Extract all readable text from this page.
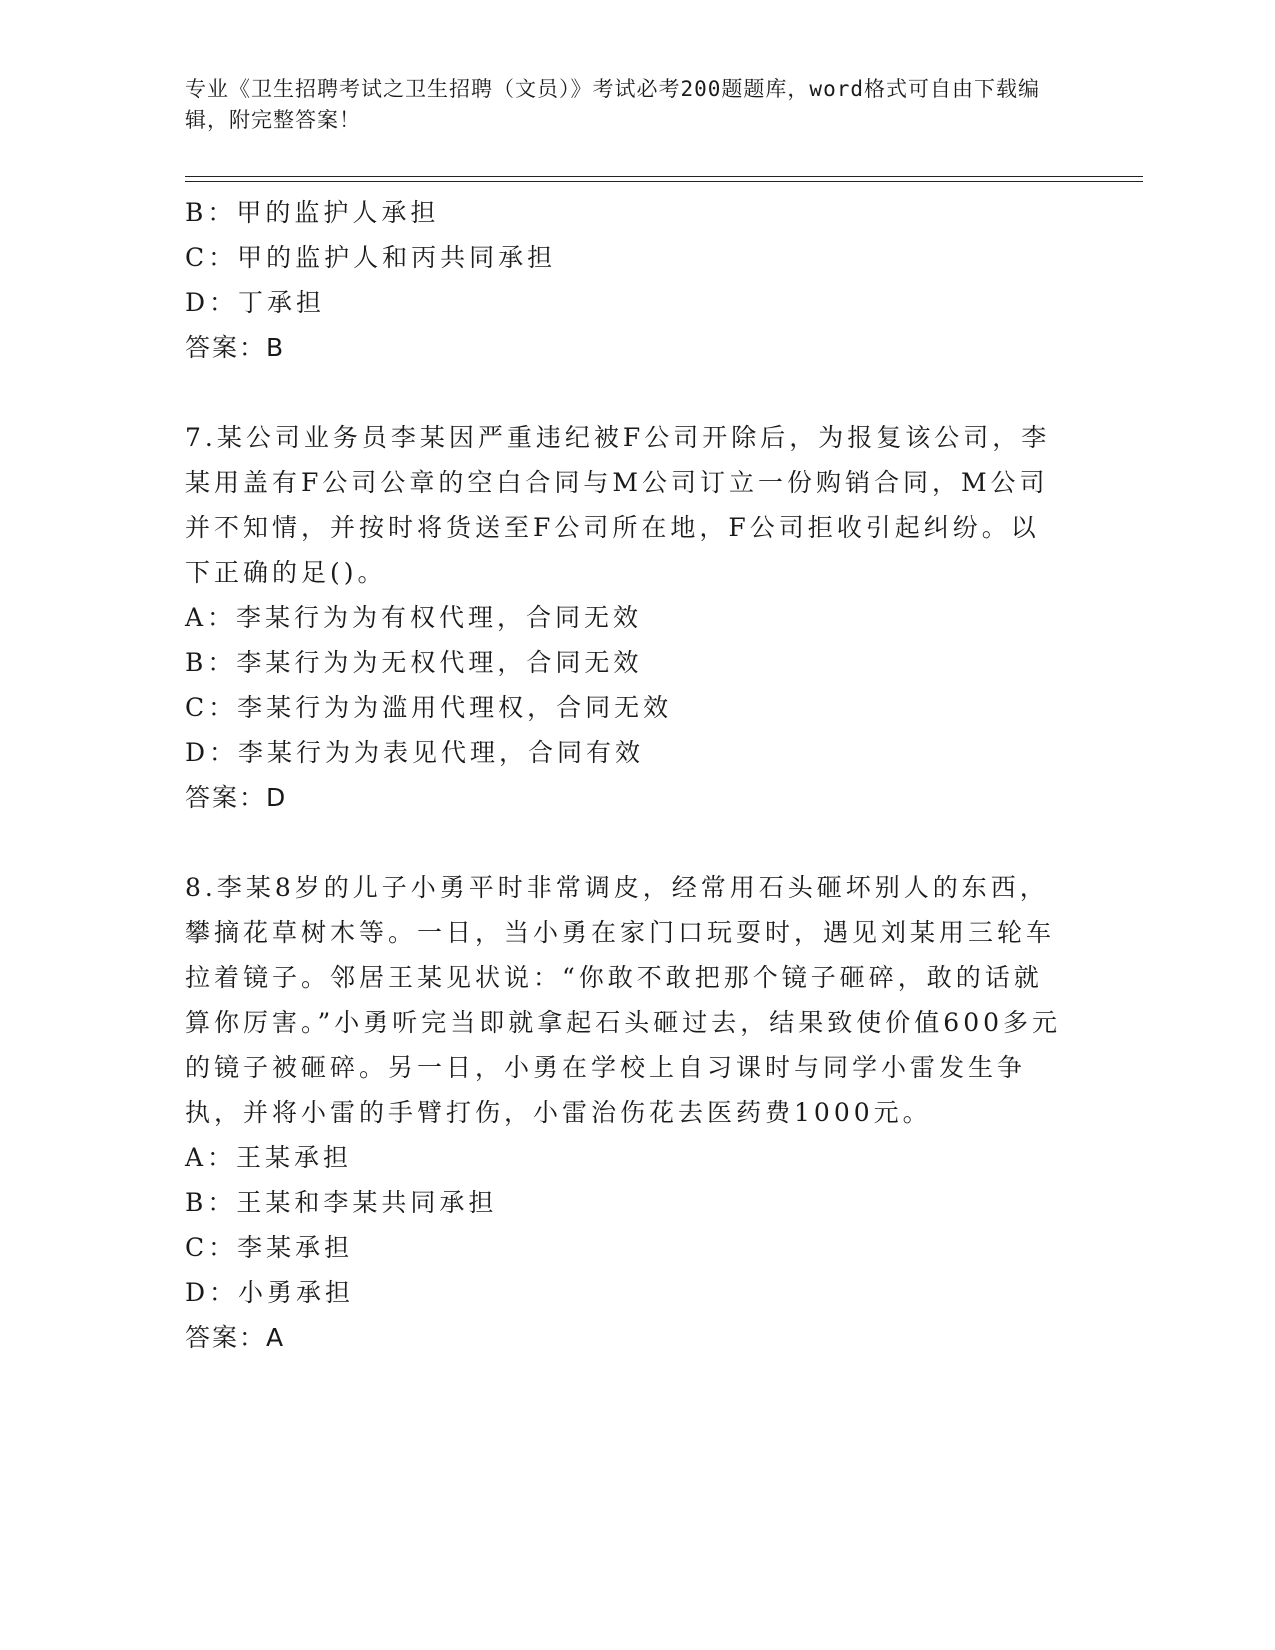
专业《卫生招聘考试之卫生招聘（文员）》考试必考200题题库，word格式可自由下载编辑，附完整答案！

B：甲的监护人承担

C：甲的监护人和丙共同承担

D：丁承担

答案：B

7.某公司业务员李某因严重违纪被F公司开除后，为报复该公司，李某用盖有F公司公章的空白合同与M公司订立一份购销合同，M公司并不知情，并按时将货送至F公司所在地，F公司拒收引起纠纷。以下正确的足()。

A：李某行为为有权代理，合同无效

B：李某行为为无权代理，合同无效

C：李某行为为滥用代理权，合同无效

D：李某行为为表见代理，合同有效

答案：D

8.李某8岁的儿子小勇平时非常调皮，经常用石头砸坏别人的东西，攀摘花草树木等。一日，当小勇在家门口玩耍时，遇见刘某用三轮车拉着镜子。邻居王某见状说：“你敢不敢把那个镜子砸碎，敢的话就算你厉害。”小勇听完当即就拿起石头砸过去，结果致使价值600多元的镜子被砸碎。另一日，小勇在学校上自习课时与同学小雷发生争执，并将小雷的手臂打伤，小雷治伤花去医药费1000元。

A：王某承担

B：王某和李某共同承担

C：李某承担

D：小勇承担

答案：A
